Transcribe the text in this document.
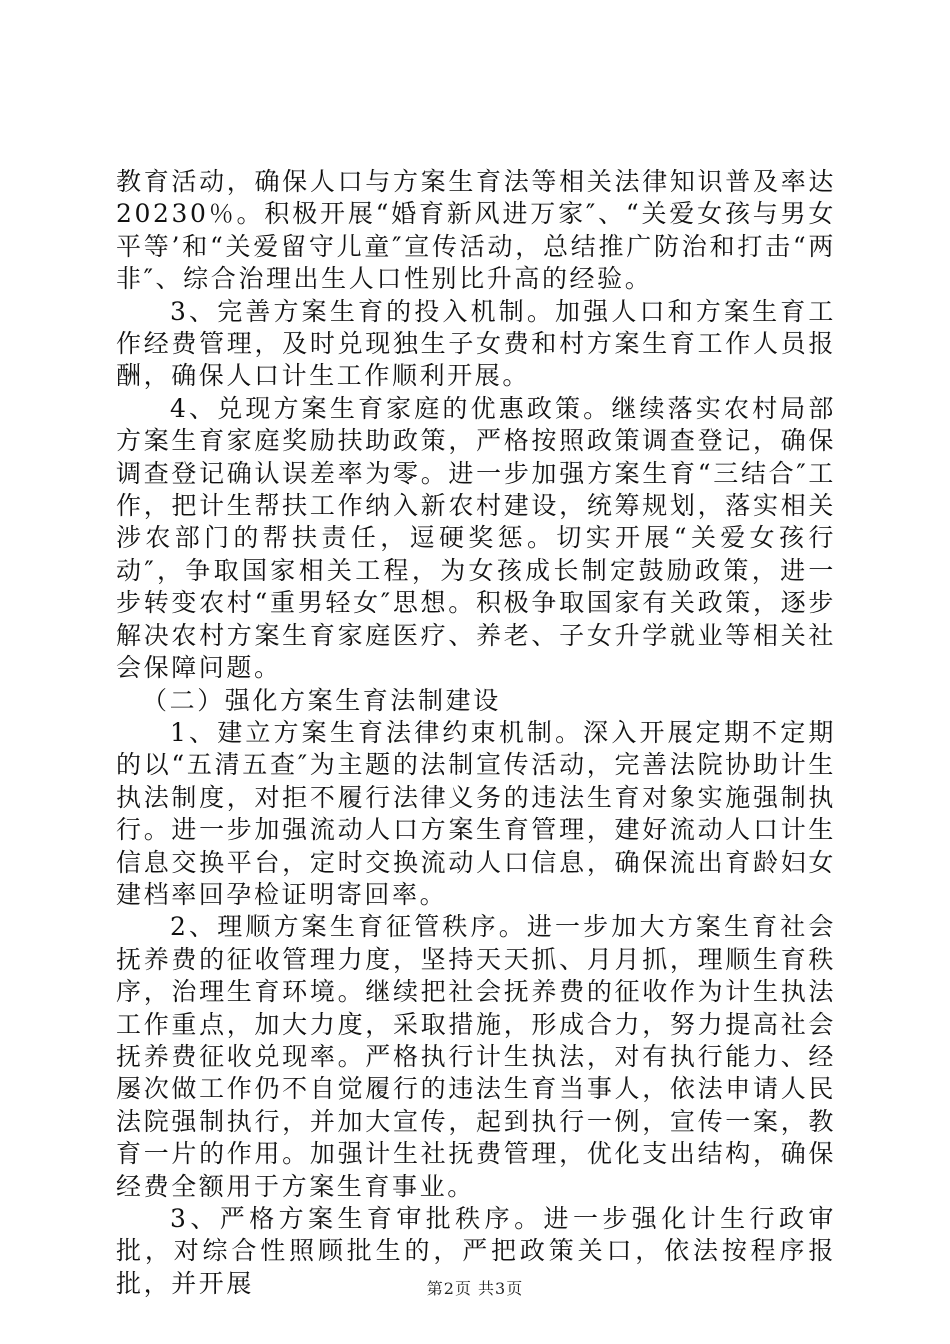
教育活动，确保人口与方案生育法等相关法律知识普及率达20230％。积极开展“婚育新风进万家″、“关爱女孩与男女平等’和“关爱留守儿童″宣传活动，总结推广防治和打击“两非″、综合治理出生人口性别比升高的经验。

3、完善方案生育的投入机制。加强人口和方案生育工作经费管理，及时兑现独生子女费和村方案生育工作人员报酬，确保人口计生工作顺利开展。

4、兑现方案生育家庭的优惠政策。继续落实农村局部方案生育家庭奖励扶助政策，严格按照政策调查登记，确保调查登记确认误差率为零。进一步加强方案生育“三结合″工作，把计生帮扶工作纳入新农村建设，统筹规划，落实相关涉农部门的帮扶责任，逗硬奖惩。切实开展“关爱女孩行动″，争取国家相关工程，为女孩成长制定鼓励政策，进一步转变农村“重男轻女″思想。积极争取国家有关政策，逐步解决农村方案生育家庭医疗、养老、子女升学就业等相关社会保障问题。

（二）强化方案生育法制建设

1、建立方案生育法律约束机制。深入开展定期不定期的以“五清五查″为主题的法制宣传活动，完善法院协助计生执法制度，对拒不履行法律义务的违法生育对象实施强制执行。进一步加强流动人口方案生育管理，建好流动人口计生信息交换平台，定时交换流动人口信息，确保流出育龄妇女建档率回孕检证明寄回率。

2、理顺方案生育征管秩序。进一步加大方案生育社会抚养费的征收管理力度，坚持天天抓、月月抓，理顺生育秩序，治理生育环境。继续把社会抚养费的征收作为计生执法工作重点，加大力度，采取措施，形成合力，努力提高社会抚养费征收兑现率。严格执行计生执法，对有执行能力、经屡次做工作仍不自觉履行的违法生育当事人，依法申请人民法院强制执行，并加大宣传，起到执行一例，宣传一案，教育一片的作用。加强计生社抚费管理，优化支出结构，确保经费全额用于方案生育事业。

3、严格方案生育审批秩序。进一步强化计生行政审批，对综合性照顾批生的，严把政策关口，依法按程序报批，并开展	第2页 共3页
